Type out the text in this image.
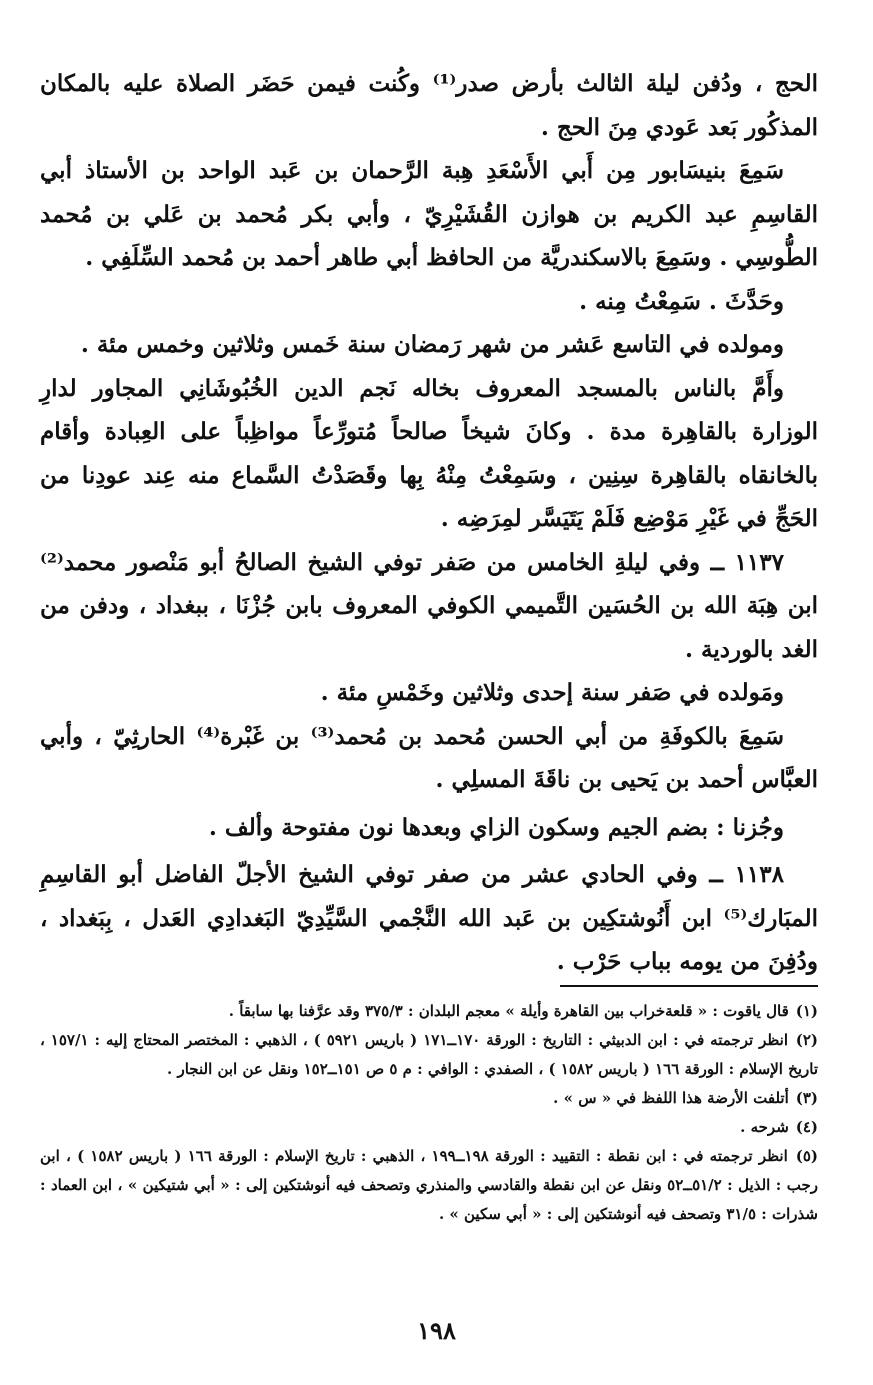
الحج ، ودُفن ليلة الثالث بأرض صدر⁽¹⁾ وكُنت فيمن حَضَر الصلاة عليه بالمكان المذكُور بَعد عَودي مِنَ الحج .

سَمِعَ بنيسَابور مِن أَبي الأَسْعَدِ هِبة الرَّحمان بن عَبد الواحد بن الأستاذ أبي القاسِمِ عبد الكريم بن هوازن القُشَيْرِيّ ، وأبي بكر مُحمد بن عَلي بن مُحمد الطُّوسِي . وسَمِعَ بالاسكندريَّة من الحافظ أبي طاهر أحمد بن مُحمد السِّلَفِي .

وحَدَّثَ . سَمِعْتُ مِنه .

ومولده في التاسع عَشر من شهر رَمضان سنة خَمس وثلاثين وخمس مئة .

وأَمَّ بالناس بالمسجد المعروف بخاله نَجم الدين الخُبُوشَانِي المجاور لدارِ الوزارة بالقاهِرة مدة . وكانَ شيخاً صالحاً مُتورِّعاً مواظِباً على العِبادة وأقام بالخانقاه بالقاهِرة سِنِين ، وسَمِعْتُ مِنْهُ بِها وقَصَدْتُ السَّماع منه عِند عودِنا من الحَجِّ في غَيْرِ مَوْضِع فَلَمْ يَتَيَسَّر لمِرَضِه .

١١٣٧ ــ وفي ليلةِ الخامس من صَفر توفي الشيخ الصالحُ أبو مَنْصور محمد⁽²⁾ ابن هِبَة الله بن الحُسَين التَّميمي الكوفي المعروف بابن جُزْنَا ، ببغداد ، ودفن من الغد بالوردية .

ومَولده في صَفر سنة إحدى وثلاثين وخَمْسِ مئة .

سَمِعَ بالكوفَةِ من أبي الحسن مُحمد بن مُحمد⁽³⁾ بن غَبْرة⁽⁴⁾ الحارثِيّ ، وأبي العبَّاس أحمد بن يَحيى بن ناقَةَ المسلِي .

وجُزنا : بضم الجيم وسكون الزاي وبعدها نون مفتوحة وألف .

١١٣٨ ــ وفي الحادي عشر من صفر توفي الشيخ الأجلّ الفاضل أبو القاسِمِ المبَارك⁽⁵⁾ ابن أَنُوشتكِين بن عَبد الله النَّجْمي السَّيِّدِيّ البَغدادِي العَدل ، بِبَغداد ، ودُفِنَ من يومه بباب حَرْب .

(١) قال ياقوت : « قلعةخراب بين القاهرة وأيلة » معجم البلدان : ٣٧٥/٣ وقد عرَّفنا بها سابقاً .

(٢) انظر ترجمته في : ابن الدبيثي : التاريخ : الورقة ١٧٠ــ١٧١ ( باريس ٥٩٢١ ) ، الذهبي : المختصر المحتاج إليه : ١٥٧/١ ، تاريخ الإسلام : الورقة ١٦٦ ( باريس ١٥٨٢ ) ، الصفدي : الوافي : م ٥ ص ١٥١ــ١٥٢ ونقل عن ابن النجار .

(٣) أتلفت الأرضة هذا اللفظ في « س » .

(٤) شرحه .

(٥) انظر ترجمته في : ابن نقطة : التقييد : الورقة ١٩٨ــ١٩٩ ، الذهبي : تاريخ الإسلام : الورقة ١٦٦ ( باريس ١٥٨٢ ) ، ابن رجب : الذيل : ٥١/٢ــ٥٢ ونقل عن ابن نقطة والقادسي والمنذري وتصحف فيه أنوشتكين إلى : « أبي شتيكين » ، ابن العماد : شذرات : ٣١/٥ وتصحف فيه أنوشتكين إلى : « أبي سكين » .

١٩٨
